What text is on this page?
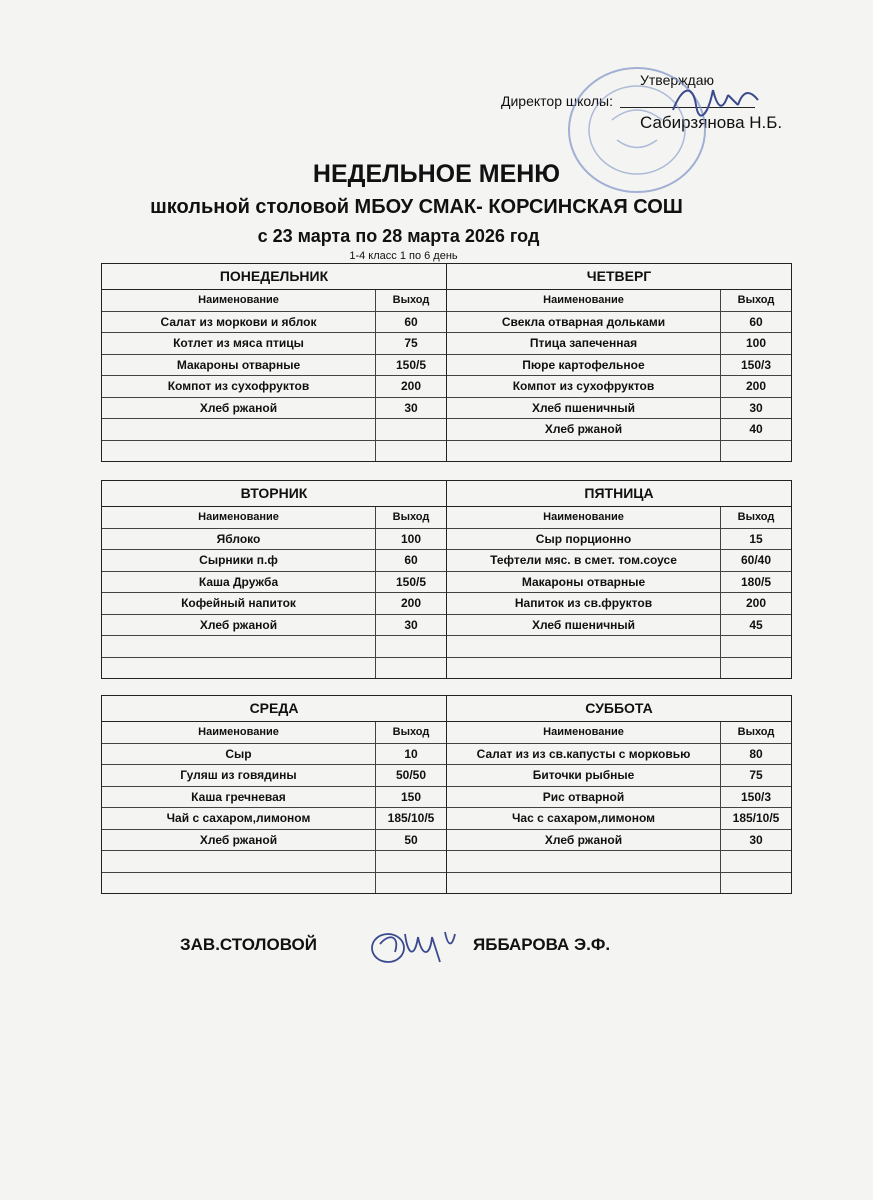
Утверждаю
Директор школы:
Сабирзянова Н.Б.
НЕДЕЛЬНОЕ МЕНЮ
школьной столовой МБОУ СМАК- КОРСИНСКАЯ СОШ
с 23 марта по 28 марта 2026 год
1-4 класс 1 по 6 день
ПОНЕДЕЛЬНИК
Наименование	Выход
Салат из моркови и яблок	60
Котлет из мяса птицы	75
Макароны отварные	150/5
Компот из сухофруктов	200
Хлеб ржаной	30
ЧЕТВЕРГ
Наименование	Выход
Свекла отварная дольками	60
Птица запеченная	100
Пюре картофельное	150/3
Компот из сухофруктов	200
Хлеб пшеничный	30
Хлеб ржаной	40
ВТОРНИК
Наименование	Выход
Яблоко	100
Сырники п.ф	60
Каша Дружба	150/5
Кофейный напиток	200
Хлеб ржаной	30
ПЯТНИЦА
Наименование	Выход
Сыр порционно	15
Тефтели мяс. в смет. том.соусе	60/40
Макароны отварные	180/5
Напиток из св.фруктов	200
Хлеб пшеничный	45
СРЕДА
Наименование	Выход
Сыр	10
Гуляш из говядины	50/50
Каша гречневая	150
Чай с сахаром,лимоном	185/10/5
Хлеб ржаной	50
СУББОТА
Наименование	Выход
Салат из из св.капусты с морковью	80
Биточки рыбные	75
Рис отварной	150/3
Час с сахаром,лимоном	185/10/5
Хлеб ржаной	30
ЗАВ.СТОЛОВОЙ	ЯББАРОВА Э.Ф.
